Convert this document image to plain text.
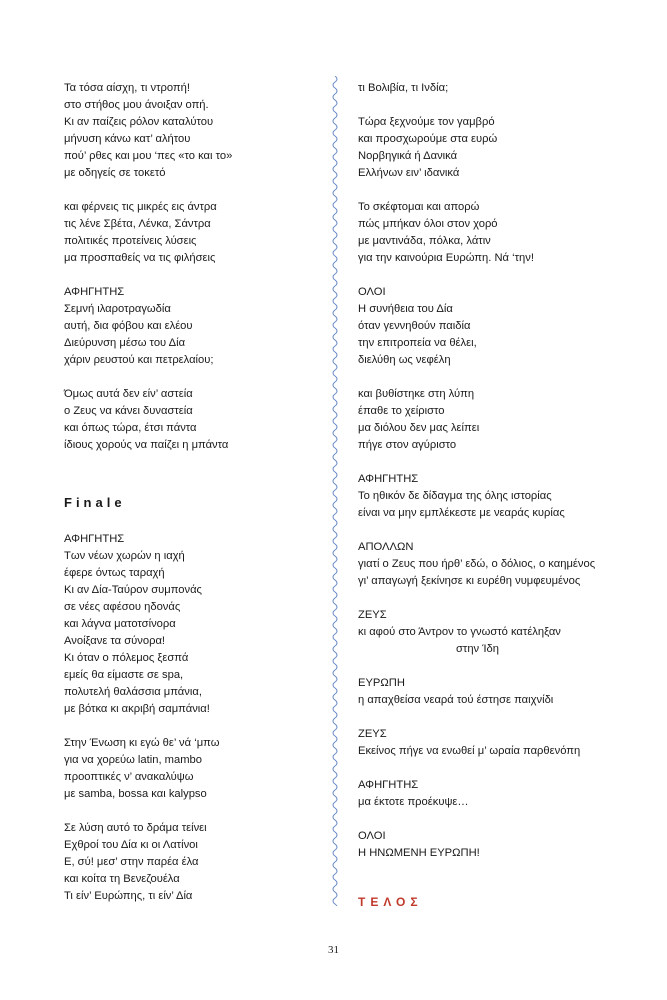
Τα τόσα αίσχη, τι ντροπή!
στο στήθος μου άνοιξαν οπή.
Κι αν παίζεις ρόλον καταλύτου
μήνυση κάνω κατ’ αλήτου
πού’ ρθες και μου ‘πες «το και το»
με οδηγείς σε τοκετό
και φέρνεις τις μικρές εις άντρα
τις λένε Σβέτα, Λένκα, Σάντρα
πολιτικές προτείνεις λύσεις
μα προσπαθείς να τις φιλήσεις
ΑΦΗΓΗΤΗΣ
Σεμνή ιλαροτραγωδία
αυτή, δια φόβου και ελέου
Διεύρυνση μέσω του Δία
χάριν ρευστού και πετρελαίου;
Όμως αυτά δεν είν’ αστεία
ο Ζευς να κάνει δυναστεία
και όπως τώρα, έτσι πάντα
ίδιους χορούς να παίζει η μπάντα
Finale
ΑΦΗΓΗΤΗΣ
Των νέων χωρών η ιαχή
έφερε όντως ταραχή
Κι αν Δία-Ταύρον συμπονάς
σε νέες αφέσου ηδονάς
και λάγνα ματοτσίνορα
Ανοίξανε τα σύνορα!
Κι όταν ο πόλεμος ξεσπά
εμείς θα είμαστε σε spa,
πολυτελή θαλάσσια μπάνια,
με βότκα κι ακριβή σαμπάνια!
Στην Ένωση κι εγώ θε’ νά ‘μπω
για να χορεύω latin, mambo
προοπτικές ν’ ανακαλύψω
με samba, bossa και kalypso
Σε λύση αυτό το δράμα τείνει
Εχθροί του Δία κι οι Λατίνοι
Ε, σύ! μεσ’ στην παρέα έλα
και κοίτα τη Βενεζουέλα
Τι είν’ Ευρώπης, τι είν’ Δία
τι Βολιβία, τι Ινδία;
Τώρα ξεχνούμε τον γαμβρό
και προσχωρούμε στα ευρώ
Νορβηγικά ή Δανικά
Ελλήνων ειν’ ιδανικά
Το σκέφτομαι και απορώ
πώς μπήκαν όλοι στον χορό
με μαντινάδα, πόλκα, λάτιν
για την καινούρια Ευρώπη. Νά ‘την!
ΟΛΟΙ
Η συνήθεια του Δία
όταν γεννηθούν παιδία
την επιτροπεία να θέλει,
διελύθη ως νεφέλη
και βυθίστηκε στη λύπη
έπαθε το χείριστο
μα διόλου δεν μας λείπει
πήγε στον αγύριστο
ΑΦΗΓΗΤΗΣ
Το ηθικόν δε δίδαγμα της όλης ιστορίας
είναι να μην εμπλέκεστε με νεαράς κυρίας
ΑΠΟΛΛΩΝ
γιατί ο Ζευς που ήρθ’ εδώ, ο δόλιος, ο καημένος
γι’ απαγωγή ξεκίνησε κι ευρέθη νυμφευμένος
ΖΕΥΣ
κι αφού στο Άντρον το γνωστό κατέληξαν
στην Ίδη
ΕΥΡΩΠΗ
η απαχθείσα νεαρά τού έστησε παιχνίδι
ΖΕΥΣ
Εκείνος πήγε να ενωθεί μ’ ωραία παρθενόπη
ΑΦΗΓΗΤΗΣ
μα έκτοτε προέκυψε…
ΟΛΟΙ
Η ΗΝΩΜΕΝΗ ΕΥΡΩΠΗ!
ΤΕΛΟΣ
31
